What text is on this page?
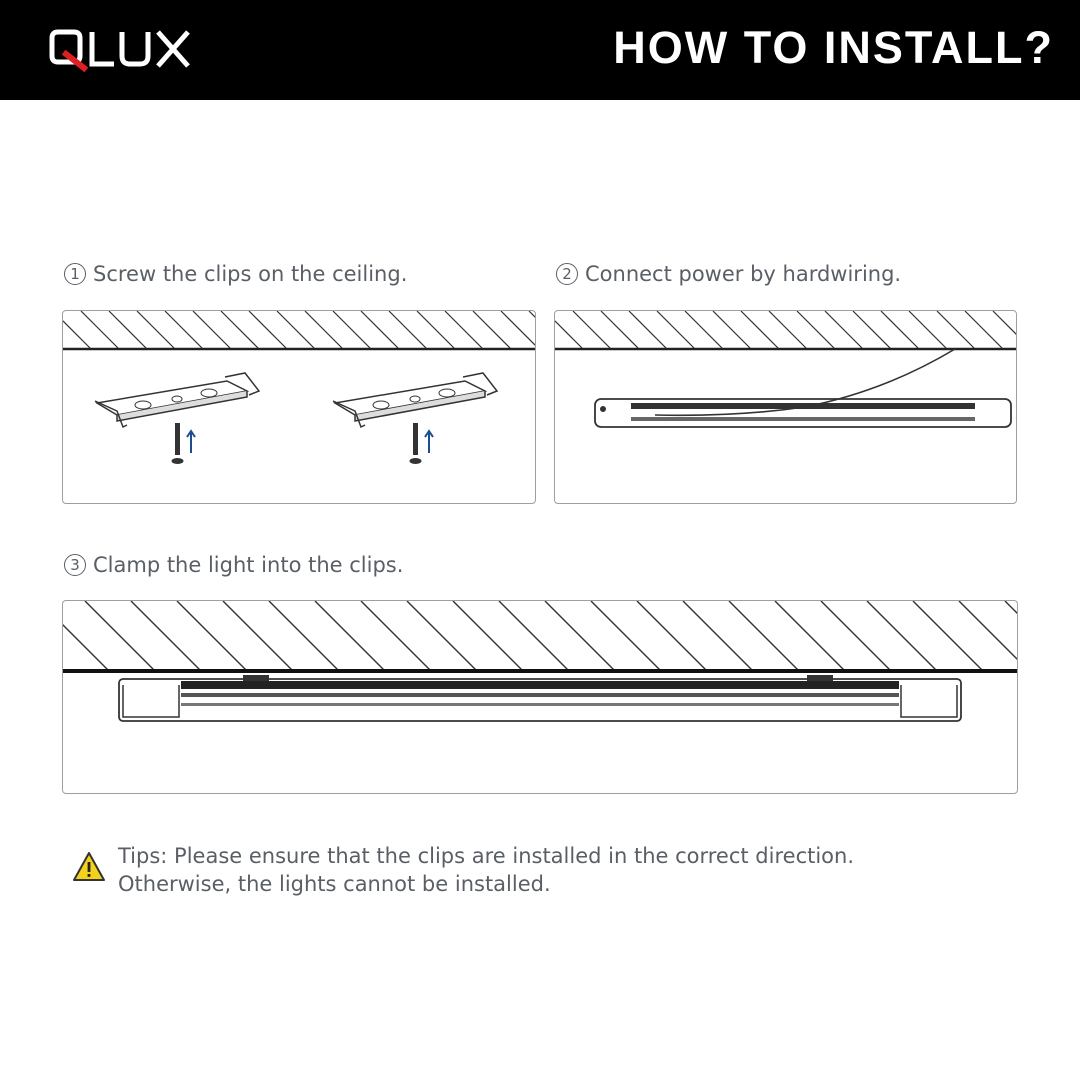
HOW TO INSTALL?
1 Screw the clips on the ceiling.	2 Connect power by hardwiring.
3 Clamp the light into the clips.
Tips: Please ensure that the clips are installed in the correct direction.
Otherwise, the lights cannot be installed.
